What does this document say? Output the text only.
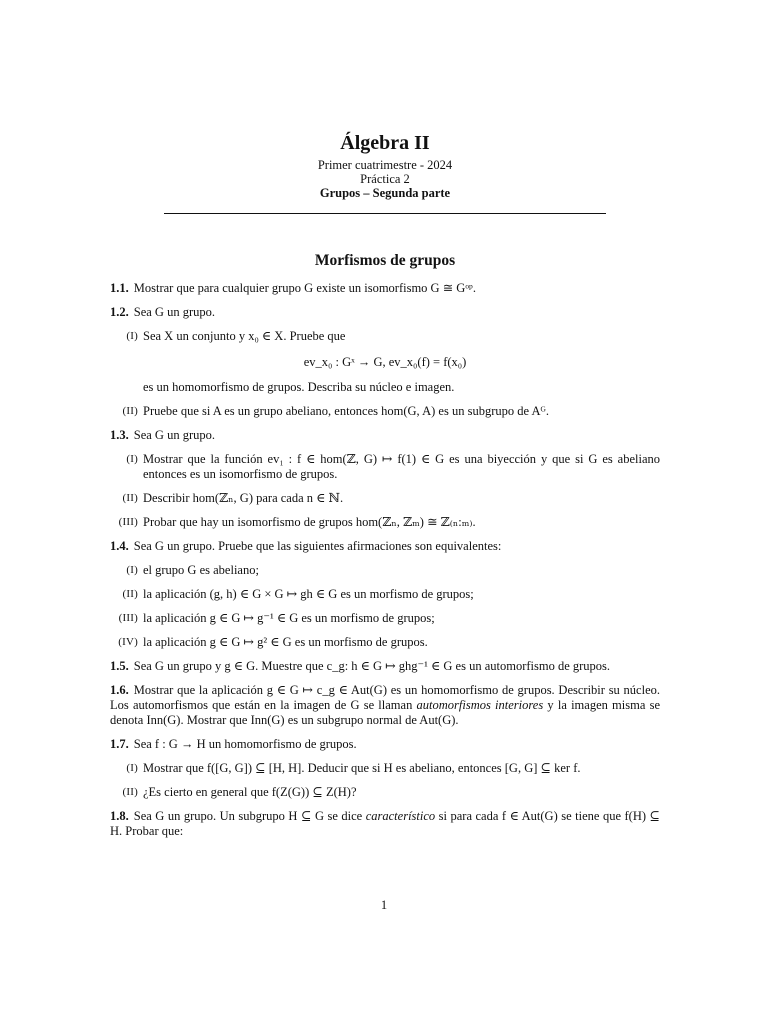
Álgebra II
Primer cuatrimestre - 2024
Práctica 2
Grupos – Segunda parte
Morfismos de grupos
1.1. Mostrar que para cualquier grupo G existe un isomorfismo G ≅ Gᵒᵖ.
1.2. Sea G un grupo.
(I) Sea X un conjunto y x₀ ∈ X. Pruebe que
ev_x₀ : Gˣ → G, ev_x₀(f) = f(x₀)
es un homomorfismo de grupos. Describa su núcleo e imagen.
(II) Pruebe que si A es un grupo abeliano, entonces hom(G, A) es un subgrupo de Aᴳ.
1.3. Sea G un grupo.
(I) Mostrar que la función ev₁ : f ∈ hom(ℤ, G) ↦ f(1) ∈ G es una biyección y que si G es abeliano entonces es un isomorfismo de grupos.
(II) Describir hom(ℤₙ, G) para cada n ∈ ℕ.
(III) Probar que hay un isomorfismo de grupos hom(ℤₙ, ℤₘ) ≅ ℤ₍ₙ:ₘ₎.
1.4. Sea G un grupo. Pruebe que las siguientes afirmaciones son equivalentes:
(I) el grupo G es abeliano;
(II) la aplicación (g, h) ∈ G × G ↦ gh ∈ G es un morfismo de grupos;
(III) la aplicación g ∈ G ↦ g⁻¹ ∈ G es un morfismo de grupos;
(IV) la aplicación g ∈ G ↦ g² ∈ G es un morfismo de grupos.
1.5. Sea G un grupo y g ∈ G. Muestre que c_g: h ∈ G ↦ ghg⁻¹ ∈ G es un automorfismo de grupos.
1.6. Mostrar que la aplicación g ∈ G ↦ c_g ∈ Aut(G) es un homomorfismo de grupos. Describir su núcleo. Los automorfismos que están en la imagen de G se llaman automorfismos interiores y la imagen misma se denota Inn(G). Mostrar que Inn(G) es un subgrupo normal de Aut(G).
1.7. Sea f : G → H un homomorfismo de grupos.
(I) Mostrar que f([G, G]) ⊆ [H, H]. Deducir que si H es abeliano, entonces [G, G] ⊆ ker f.
(II) ¿Es cierto en general que f(Z(G)) ⊆ Z(H)?
1.8. Sea G un grupo. Un subgrupo H ⊆ G se dice característico si para cada f ∈ Aut(G) se tiene que f(H) ⊆ H. Probar que:
1
